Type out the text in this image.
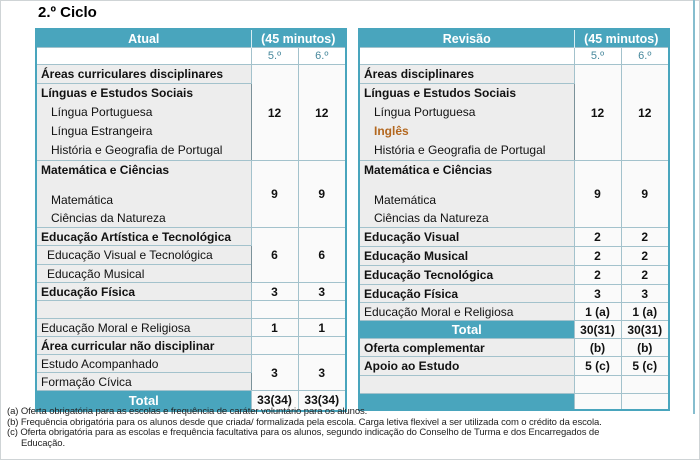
2.º Ciclo
Atual	(45 minutos)	
	5.º	6.º
Áreas curriculares disciplinares	12	12

Línguas e Estudos Sociais
Língua Portuguesa
Língua Estrangeira
História e Geografia de Portugal		

Matemática e Ciências
Matemática
Ciências da Natureza	9	9
Educação Artística e Tecnológica	6	6
Educação Visual e Tecnológica		
Educação Musical		
Educação Física	3	3

Educação Moral e Religiosa	1	1
Área curricular não disciplinar		
Estudo Acompanhado	3	3
Formação Cívica		
Total	33(34)	33(34)
Revisão	(45 minutos)	
	5.º	6.º
Áreas disciplinares	12	12

Línguas e Estudos Sociais
Língua Portuguesa
Inglês
História e Geografia de Portugal		

Matemática e Ciências
Matemática
Ciências da Natureza	9	9
Educação Visual	2	2
Educação Musical	2	2
Educação Tecnológica	2	2
Educação Física	3	3
Educação Moral e Religiosa	1 (a)	1 (a)
Total	30(31)	30(31)
Oferta complementar	(b)	(b)
Apoio ao Estudo	5 (c)	5 (c)

(a) Oferta obrigatória para as escolas e frequência de caráter voluntário para os alunos.
(b) Frequência obrigatória para os alunos desde que criada/ formalizada pela escola. Carga letiva flexivel a ser utilizada com o crédito da escola.
(c) Oferta obrigatória para as escolas e frequência facultativa para os alunos, segundo indicação do Conselho de Turma e dos Encarregados de
Educação.
